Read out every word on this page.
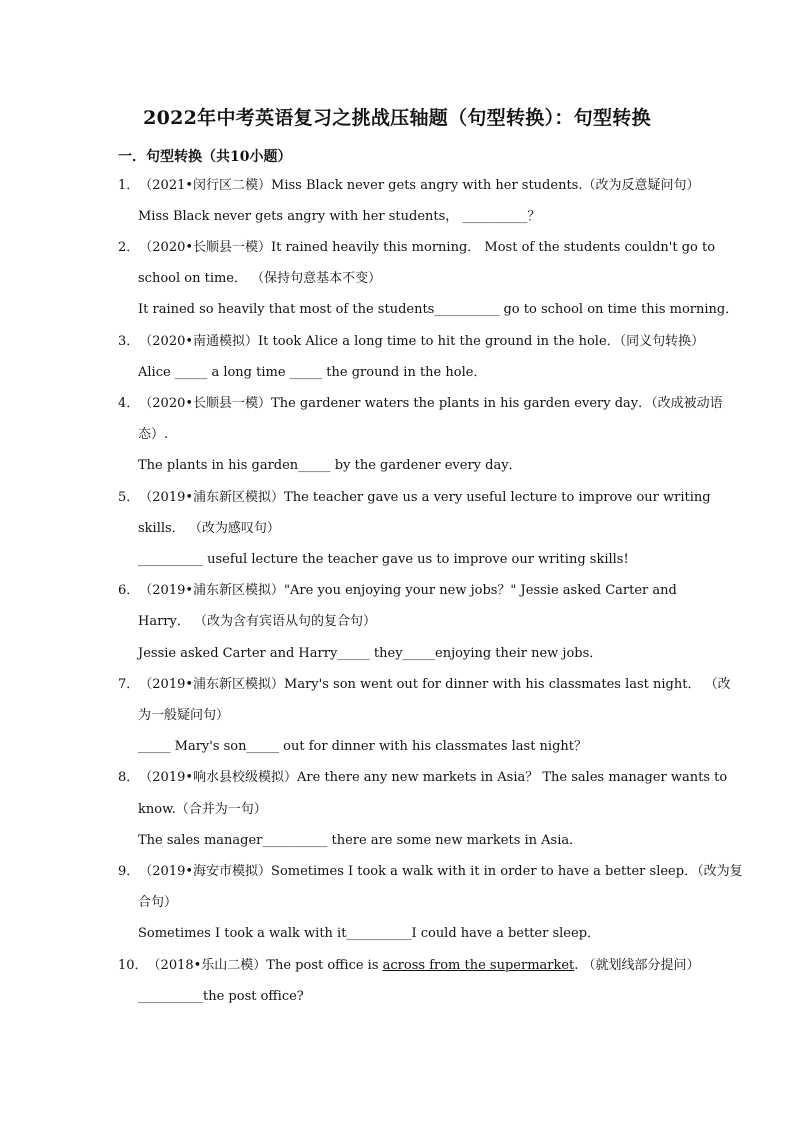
2022年中考英语复习之挑战压轴题（句型转换）：句型转换
一．句型转换（共10小题）
1．（2021•闵行区二模）Miss Black never gets angry with her students.（改为反意疑问句）
Miss Black never gets angry with her students， __________？
2．（2020•长顺县一模）It rained heavily this morning． Most of the students couldn't go to
school on time． （保持句意基本不变）
It rained so heavily that most of the students__________ go to school on time this morning．
3．（2020•南通模拟）It took Alice a long time to hit the ground in the hole．（同义句转换）
Alice _____ a long time _____ the ground in the hole．
4．（2020•长顺县一模）The gardener waters the plants in his garden every day．（改成被动语
态）.
The plants in his garden_____ by the gardener every day．
5．（2019•浦东新区模拟）The teacher gave us a very useful lecture to improve our writing
skills． （改为感叹句）
__________ useful lecture the teacher gave us to improve our writing skills!
6．（2019•浦东新区模拟）"Are you enjoying your new jobs？" Jessie asked Carter and
Harry． （改为含有宾语从句的复合句）
Jessie asked Carter and Harry_____ they_____enjoying their new jobs．
7．（2019•浦东新区模拟）Mary's son went out for dinner with his classmates last night． （改
为一般疑问句）
_____ Mary's son_____ out for dinner with his classmates last night？
8．（2019•响水县校级模拟）Are there any new markets in Asia？ The sales manager wants to
know.（合并为一句）
The sales manager__________ there are some new markets in Asia．
9．（2019•海安市模拟）Sometimes I took a walk with it in order to have a better sleep．（改为复
合句）
Sometimes I took a walk with it__________I could have a better sleep．
10．（2018•乐山二模）The post office is across from the supermarket. （就划线部分提问）
__________the post office?
